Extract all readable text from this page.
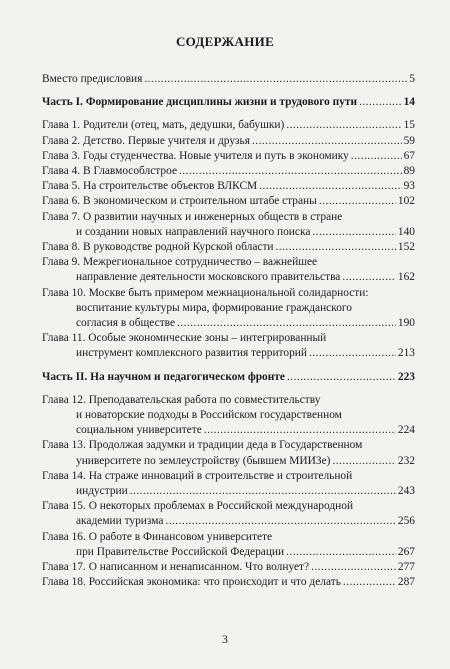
СОДЕРЖАНИЕ
Вместо предисловия . . .	5
Часть I. Формирование дисциплины жизни и трудового пути . . .	14
Глава 1. Родители (отец, мать, дедушки, бабушки) . . .	15
Глава 2. Детство. Первые учителя и друзья . . .	59
Глава 3. Годы студенчества. Новые учителя и путь в экономику . . .	67
Глава 4. В Главмособлстрое . . .	89
Глава 5. На строительстве объектов ВЛКСМ . . .	93
Глава 6. В экономическом и строительном штабе страны . . .	102
Глава 7. О развитии научных и инженерных обществ в стране
и создании новых направлений научного поиска . . .	140
Глава 8. В руководстве родной Курской области . . .	152
Глава 9. Межрегиональное сотрудничество – важнейшее
направление деятельности московского правительства . . .	162
Глава 10. Москве быть примером межнациональной солидарности:
воспитание культуры мира, формирование гражданского
согласия в обществе . . .	190
Глава 11. Особые экономические зоны – интегрированный
инструмент комплексного развития территорий . . .	213
Часть II. На научном и педагогическом фронте . . .	223
Глава 12. Преподавательская работа по совместительству
и новаторские подходы в Российском государственном
социальном университете . . .	224
Глава 13. Продолжая задумки и традиции деда в Государственном
университете по землеустройству (бывшем МИИЗе) . . .	232
Глава 14. На страже инноваций в строительстве и строительной
индустрии . . .	243
Глава 15. О некоторых проблемах в Российской международной
академии туризма . . .	256
Глава 16. О работе в Финансовом университете
при Правительстве Российской Федерации . . .	267
Глава 17. О написанном и ненаписанном. Что волнует? . . .	277
Глава 18. Российская экономика: что происходит и что делать . . .	287
3
